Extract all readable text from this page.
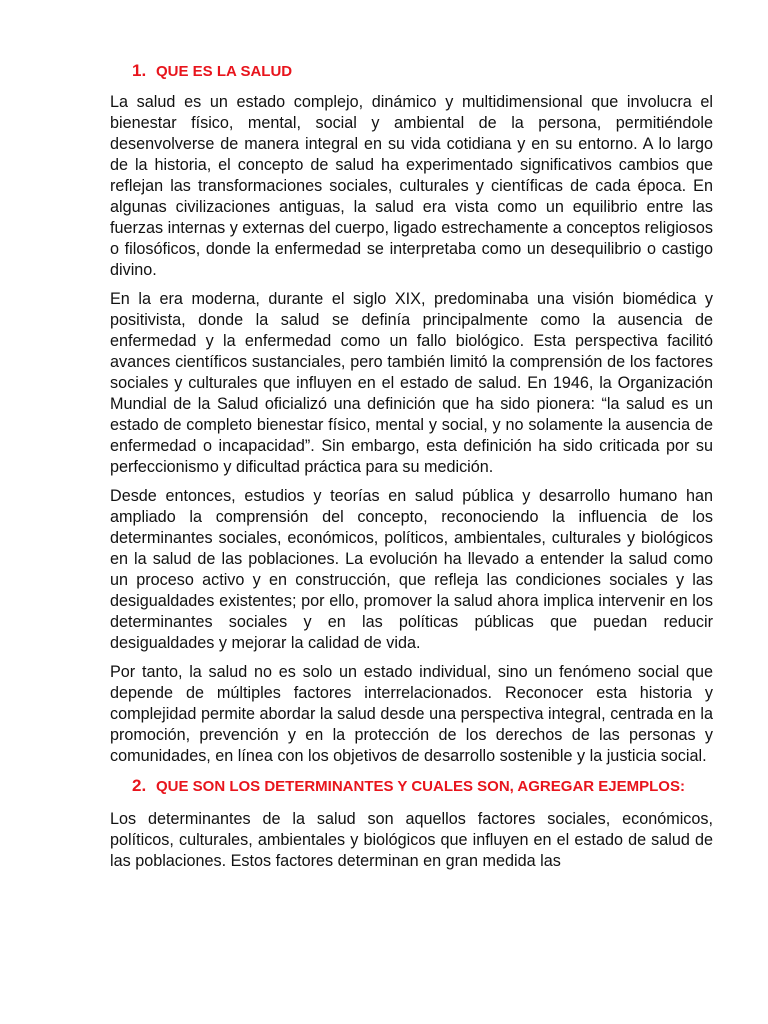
1. QUE ES LA SALUD

La salud es un estado complejo, dinámico y multidimensional que involucra el bienestar físico, mental, social y ambiental de la persona, permitiéndole desenvolverse de manera integral en su vida cotidiana y en su entorno. A lo largo de la historia, el concepto de salud ha experimentado significativos cambios que reflejan las transformaciones sociales, culturales y científicas de cada época. En algunas civilizaciones antiguas, la salud era vista como un equilibrio entre las fuerzas internas y externas del cuerpo, ligado estrechamente a conceptos religiosos o filosóficos, donde la enfermedad se interpretaba como un desequilibrio o castigo divino.

En la era moderna, durante el siglo XIX, predominaba una visión biomédica y positivista, donde la salud se definía principalmente como la ausencia de enfermedad y la enfermedad como un fallo biológico. Esta perspectiva facilitó avances científicos sustanciales, pero también limitó la comprensión de los factores sociales y culturales que influyen en el estado de salud. En 1946, la Organización Mundial de la Salud oficializó una definición que ha sido pionera: “la salud es un estado de completo bienestar físico, mental y social, y no solamente la ausencia de enfermedad o incapacidad”. Sin embargo, esta definición ha sido criticada por su perfeccionismo y dificultad práctica para su medición.

Desde entonces, estudios y teorías en salud pública y desarrollo humano han ampliado la comprensión del concepto, reconociendo la influencia de los determinantes sociales, económicos, políticos, ambientales, culturales y biológicos en la salud de las poblaciones. La evolución ha llevado a entender la salud como un proceso activo y en construcción, que refleja las condiciones sociales y las desigualdades existentes; por ello, promover la salud ahora implica intervenir en los determinantes sociales y en las políticas públicas que puedan reducir desigualdades y mejorar la calidad de vida.

Por tanto, la salud no es solo un estado individual, sino un fenómeno social que depende de múltiples factores interrelacionados. Reconocer esta historia y complejidad permite abordar la salud desde una perspectiva integral, centrada en la promoción, prevención y en la protección de los derechos de las personas y comunidades, en línea con los objetivos de desarrollo sostenible y la justicia social.

2. QUE SON LOS DETERMINANTES Y CUALES SON, AGREGAR EJEMPLOS:

Los determinantes de la salud son aquellos factores sociales, económicos, políticos, culturales, ambientales y biológicos que influyen en el estado de salud de las poblaciones. Estos factores determinan en gran medida las
